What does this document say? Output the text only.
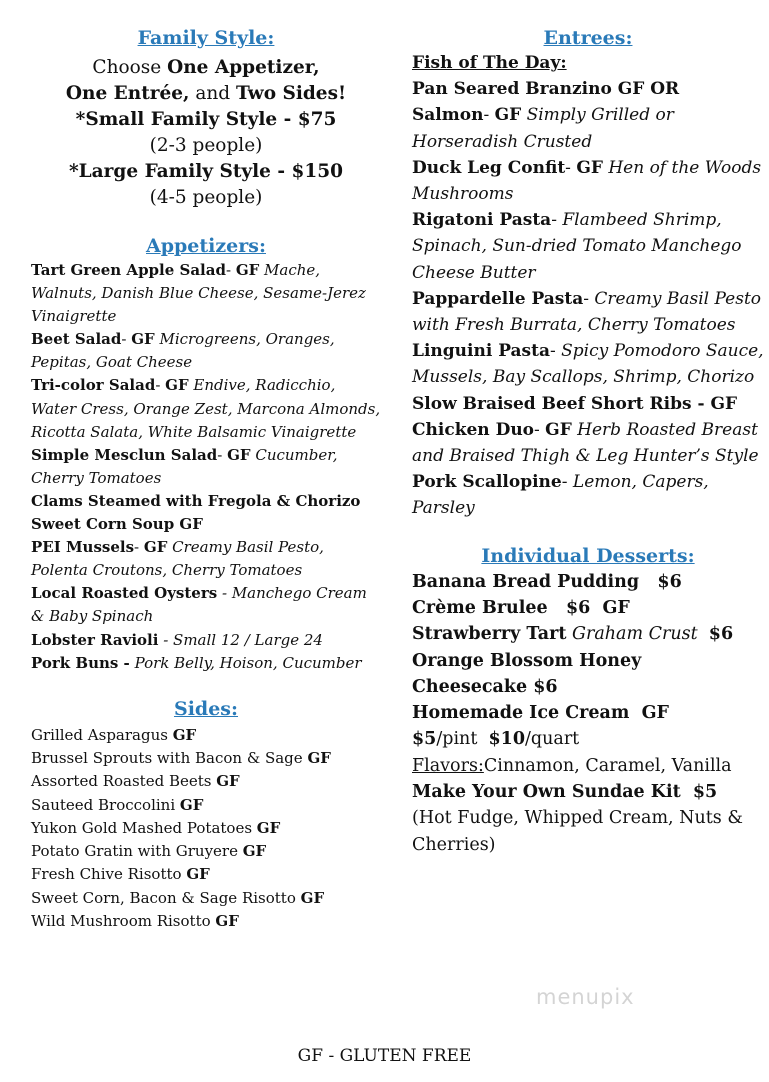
Family Style:
Choose One Appetizer,
One Entrée, and Two Sides!
*Small Family Style - $75
(2-3 people)
*Large Family Style - $150
(4-5 people)
Appetizers:
Tart Green Apple Salad- GF Mache, Walnuts, Danish Blue Cheese, Sesame-Jerez Vinaigrette
Beet Salad- GF Microgreens, Oranges, Pepitas, Goat Cheese
Tri-color Salad- GF Endive, Radicchio, Water Cress, Orange Zest, Marcona Almonds, Ricotta Salata, White Balsamic Vinaigrette
Simple Mesclun Salad- GF Cucumber, Cherry Tomatoes
Clams Steamed with Fregola & Chorizo
Sweet Corn Soup GF
PEI Mussels- GF Creamy Basil Pesto, Polenta Croutons, Cherry Tomatoes
Local Roasted Oysters - Manchego Cream & Baby Spinach
Lobster Ravioli - Small 12 / Large 24
Pork Buns - Pork Belly, Hoison, Cucumber
Sides:
Grilled Asparagus GF
Brussel Sprouts with Bacon & Sage GF
Assorted Roasted Beets GF
Sauteed Broccolini GF
Yukon Gold Mashed Potatoes GF
Potato Gratin with Gruyere GF
Fresh Chive Risotto GF
Sweet Corn, Bacon & Sage Risotto GF
Wild Mushroom Risotto GF
Entrees:
Fish of The Day:
Pan Seared Branzino GF OR
Salmon- GF Simply Grilled or Horseradish Crusted
Duck Leg Confit- GF Hen of the Woods Mushrooms
Rigatoni Pasta- Flambeed Shrimp, Spinach, Sun-dried Tomato Manchego Cheese Butter
Pappardelle Pasta- Creamy Basil Pesto with Fresh Burrata, Cherry Tomatoes
Linguini Pasta- Spicy Pomodoro Sauce, Mussels, Bay Scallops, Shrimp, Chorizo
Slow Braised Beef Short Ribs - GF
Chicken Duo- GF Herb Roasted Breast and Braised Thigh & Leg Hunter’s Style
Pork Scallopine- Lemon, Capers, Parsley
Individual Desserts:
Banana Bread Pudding   $6
Crème Brulee   $6  GF
Strawberry Tart Graham Crust  $6
Orange Blossom Honey
Cheesecake $6
Homemade Ice Cream  GF
$5/pint  $10/quart
Flavors:Cinnamon, Caramel, Vanilla
Make Your Own Sundae Kit  $5
(Hot Fudge, Whipped Cream, Nuts & Cherries)
menupix
GF - GLUTEN FREE
